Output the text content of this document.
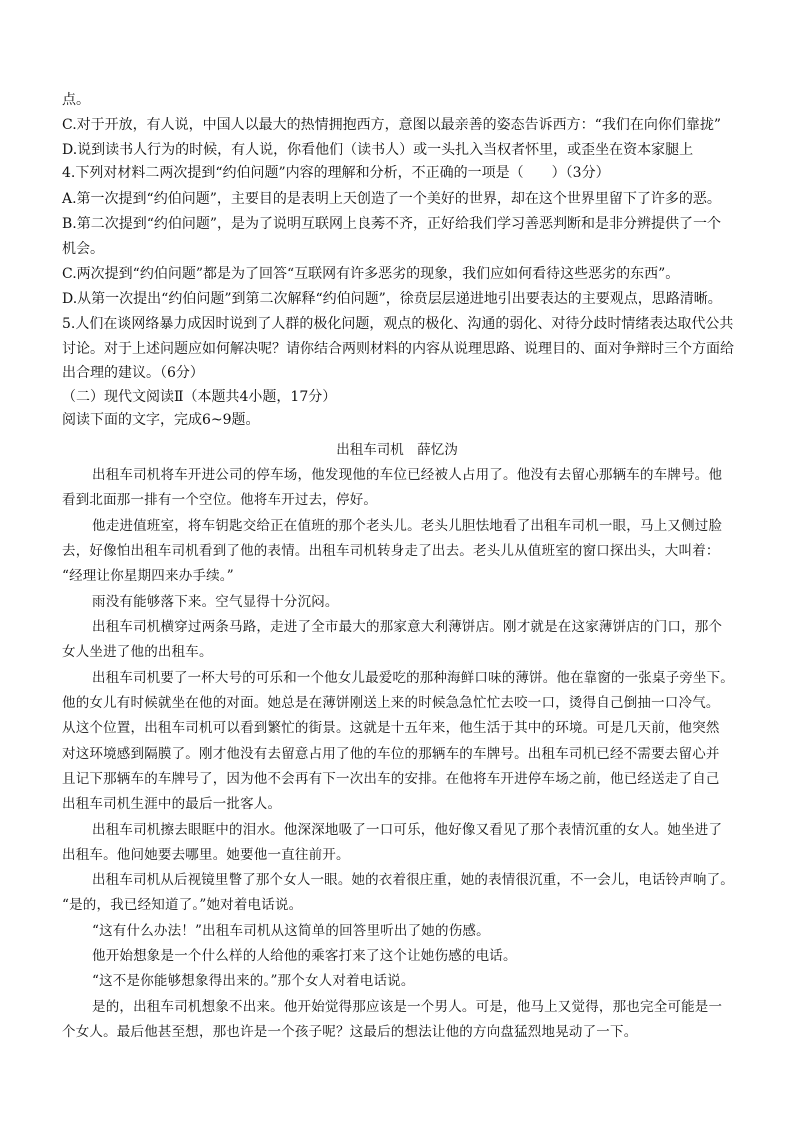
点。
C.对于开放，有人说，中国人以最大的热情拥抱西方，意图以最亲善的姿态告诉西方：“我们在向你们靠拢”
D.说到读书人行为的时候，有人说，你看他们（读书人）或一头扎入当权者怀里，或歪坐在资本家腿上
4.下列对材料二两次提到“约伯问题”内容的理解和分析，不正确的一项是（　　）（3分）
A.第一次提到“约伯问题”，主要目的是表明上天创造了一个美好的世界，却在这个世界里留下了许多的恶。
B.第二次提到“约伯问题”，是为了说明互联网上良莠不齐，正好给我们学习善恶判断和是非分辨提供了一个
机会。
C.两次提到“约伯问题”都是为了回答“互联网有许多恶劣的现象，我们应如何看待这些恶劣的东西”。
D.从第一次提出“约伯问题”到第二次解释“约伯问题”，徐贲层层递进地引出要表达的主要观点，思路清晰。
5.人们在谈网络暴力成因时说到了人群的极化问题，观点的极化、沟通的弱化、对待分歧时情绪表达取代公共
讨论。对于上述问题应如何解决呢？请你结合两则材料的内容从说理思路、说理目的、面对争辩时三个方面给
出合理的建议。（6分）
（二）现代文阅读Ⅱ（本题共4小题，17分）
阅读下面的文字，完成6~9题。
出租车司机　薛忆沩
出租车司机将车开进公司的停车场，他发现他的车位已经被人占用了。他没有去留心那辆车的车牌号。他
看到北面那一排有一个空位。他将车开过去，停好。
他走进值班室，将车钥匙交给正在值班的那个老头儿。老头儿胆怯地看了出租车司机一眼，马上又侧过脸
去，好像怕出租车司机看到了他的表情。出租车司机转身走了出去。老头儿从值班室的窗口探出头，大叫着：
“经理让你星期四来办手续。”
雨没有能够落下来。空气显得十分沉闷。
出租车司机横穿过两条马路，走进了全市最大的那家意大利薄饼店。刚才就是在这家薄饼店的门口，那个
女人坐进了他的出租车。
出租车司机要了一杯大号的可乐和一个他女儿最爱吃的那种海鲜口味的薄饼。他在靠窗的一张桌子旁坐下。
他的女儿有时候就坐在他的对面。她总是在薄饼刚送上来的时候急急忙忙去咬一口，烫得自己倒抽一口冷气。
从这个位置，出租车司机可以看到繁忙的街景。这就是十五年来，他生活于其中的环境。可是几天前，他突然
对这环境感到隔膜了。刚才他没有去留意占用了他的车位的那辆车的车牌号。出租车司机已经不需要去留心并
且记下那辆车的车牌号了，因为他不会再有下一次出车的安排。在他将车开进停车场之前，他已经送走了自己
出租车司机生涯中的最后一批客人。
出租车司机擦去眼眶中的泪水。他深深地吸了一口可乐，他好像又看见了那个表情沉重的女人。她坐进了
出租车。他问她要去哪里。她要他一直往前开。
出租车司机从后视镜里瞥了那个女人一眼。她的衣着很庄重，她的表情很沉重，不一会儿，电话铃声响了。
“是的，我已经知道了。”她对着电话说。
“这有什么办法！”出租车司机从这简单的回答里听出了她的伤感。
他开始想象是一个什么样的人给他的乘客打来了这个让她伤感的电话。
“这不是你能够想象得出来的。”那个女人对着电话说。
是的，出租车司机想象不出来。他开始觉得那应该是一个男人。可是，他马上又觉得，那也完全可能是一
个女人。最后他甚至想，那也许是一个孩子呢？这最后的想法让他的方向盘猛烈地晃动了一下。
